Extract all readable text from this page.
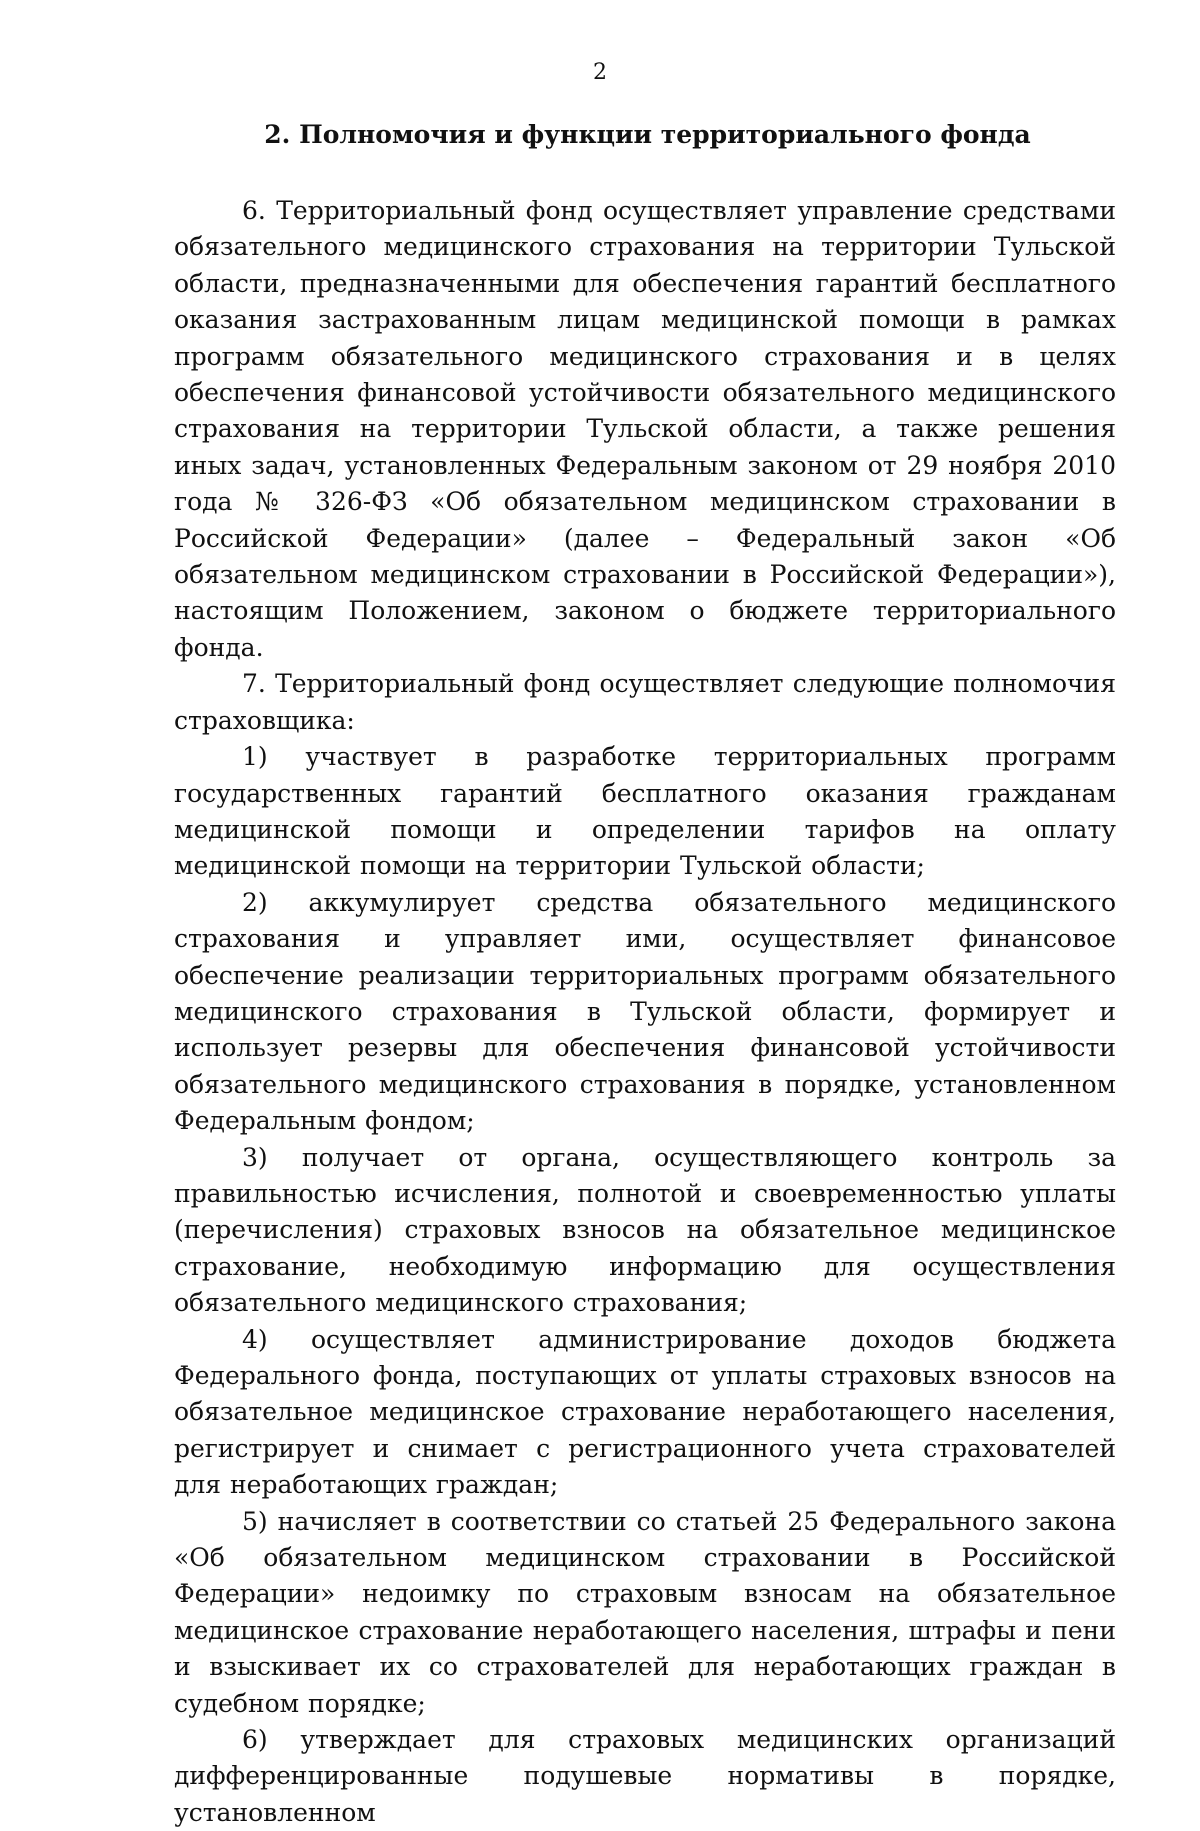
2
2. Полномочия и функции территориального фонда

6. Территориальный фонд осуществляет управление средствами обязательного медицинского страхования на территории Тульской области, предназначенными для обеспечения гарантий бесплатного оказания застрахованным лицам медицинской помощи в рамках программ обязательного медицинского страхования и в целях обеспечения финансовой устойчивости обязательного медицинского страхования на территории Тульской области, а также решения иных задач, установленных Федеральным законом от 29 ноября 2010 года № 326-ФЗ «Об обязательном медицинском страховании в Российской Федерации» (далее – Федеральный закон «Об обязательном медицинском страховании в Российской Федерации»), настоящим Положением, законом о бюджете территориального фонда.

7. Территориальный фонд осуществляет следующие полномочия страховщика:

1) участвует в разработке территориальных программ государственных гарантий бесплатного оказания гражданам медицинской помощи и определении тарифов на оплату медицинской помощи на территории Тульской области;

2) аккумулирует средства обязательного медицинского страхования и управляет ими, осуществляет финансовое обеспечение реализации территориальных программ обязательного медицинского страхования в Тульской области, формирует и использует резервы для обеспечения финансовой устойчивости обязательного медицинского страхования в порядке, установленном Федеральным фондом;

3) получает от органа, осуществляющего контроль за правильностью исчисления, полнотой и своевременностью уплаты (перечисления) страховых взносов на обязательное медицинское страхование, необходимую информацию для осуществления обязательного медицинского страхования;

4) осуществляет администрирование доходов бюджета Федерального фонда, поступающих от уплаты страховых взносов на обязательное медицинское страхование неработающего населения, регистрирует и снимает с регистрационного учета страхователей для неработающих граждан;

5) начисляет в соответствии со статьей 25 Федерального закона «Об обязательном медицинском страховании в Российской Федерации» недоимку по страховым взносам на обязательное медицинское страхование неработающего населения, штрафы и пени и взыскивает их со страхователей для неработающих граждан в судебном порядке;

6) утверждает для страховых медицинских организаций дифференцированные подушевые нормативы в порядке, установленном
